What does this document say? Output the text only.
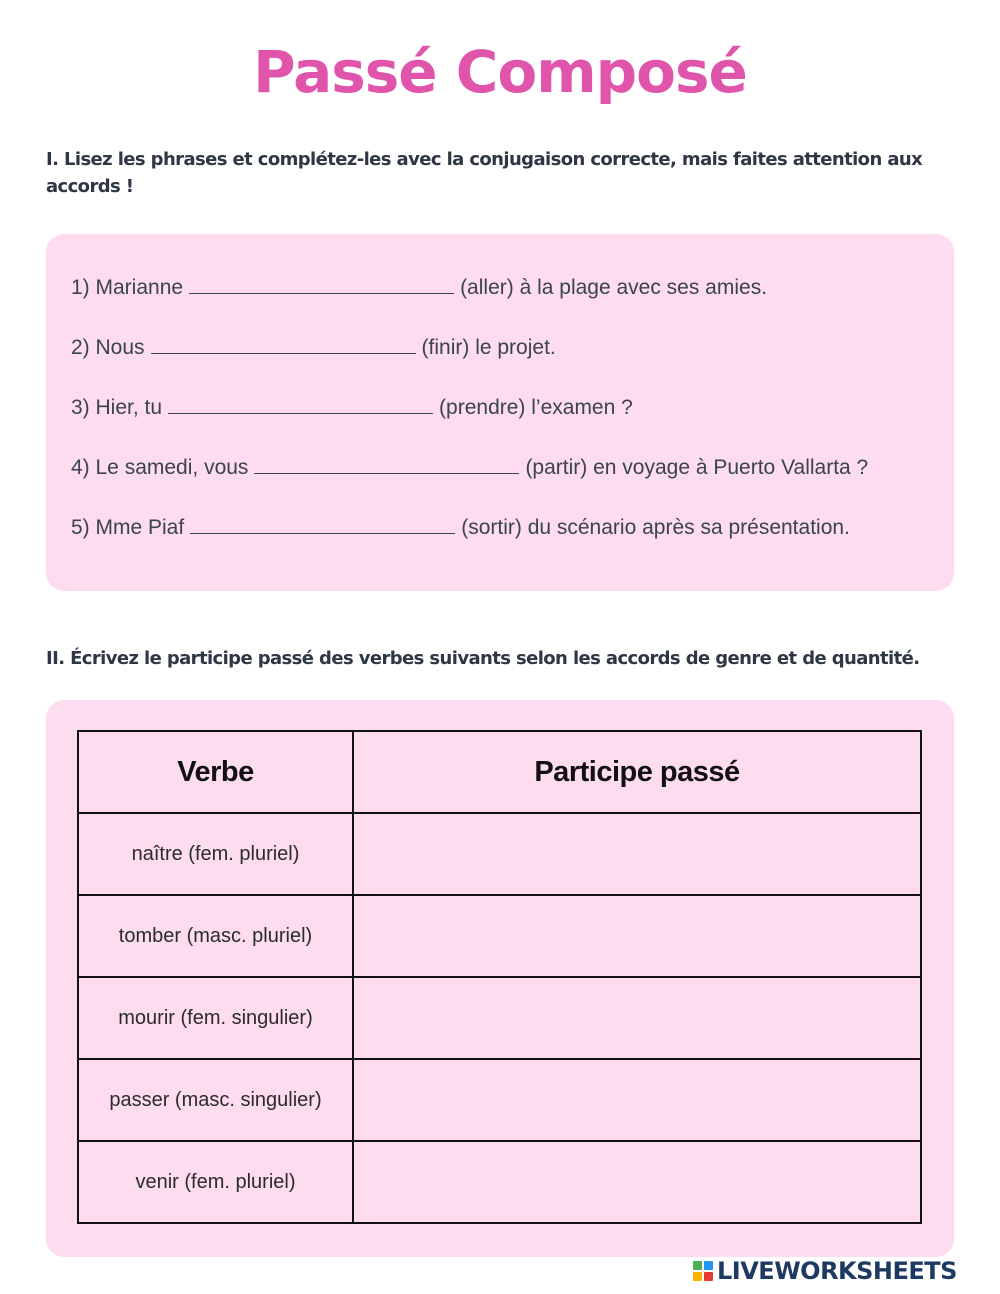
Passé Composé
I. Lisez les phrases et complétez-les avec la conjugaison correcte, mais faites attention aux accords !
1) Marianne	(aller) à la plage avec ses amies.
2) Nous	(finir) le projet.
3) Hier, tu	(prendre) l’examen ?
4) Le samedi, vous	(partir) en voyage à Puerto Vallarta ?
5) Mme Piaf	(sortir) du scénario après sa présentation.
II. Écrivez le participe passé des verbes suivants selon les accords de genre et de quantité.
Verbe	Participe passé
naître (fem. pluriel)	
tomber (masc. pluriel)	
mourir (fem. singulier)	
passer (masc. singulier)	
venir (fem. pluriel)	
LIVEWORKSHEETS
